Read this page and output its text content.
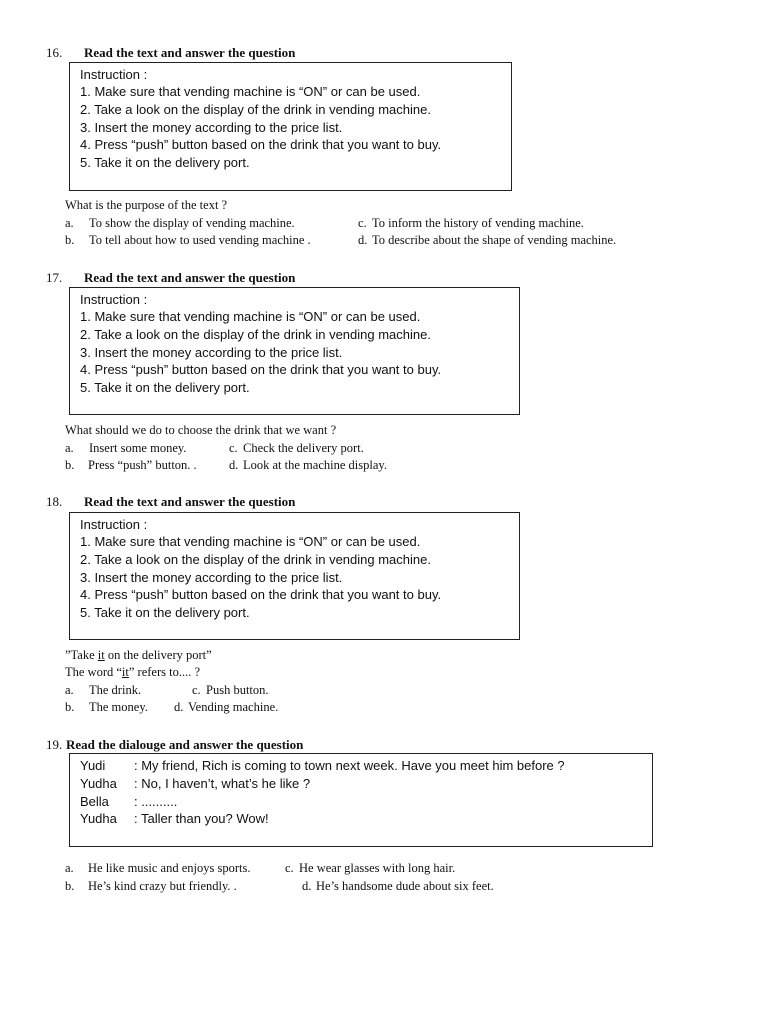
16. Read the text and answer the question
Instruction :
1. Make sure that vending machine is “ON” or can be used.
2. Take a look on the display of the drink in vending machine.
3. Insert the money according to the price list.
4. Press “push” button based on the drink that you want to buy.
5. Take it on the delivery port.
What is the purpose of the text ?
a. To show the display of vending machine.	c. To inform the history of vending machine.
b. To tell about how to used vending machine .	d. To describe about the shape of vending machine.
17. Read the text and answer the question
Instruction :
1. Make sure that vending machine is “ON” or can be used.
2. Take a look on the display of the drink in vending machine.
3. Insert the money according to the price list.
4. Press “push” button based on the drink that you want to buy.
5. Take it on the delivery port.
What should we do to choose the drink that we want ?
a. Insert some money.	c. Check the delivery port.
b. Press “push” button. .	d. Look at the machine display.
18. Read the text and answer the question
Instruction :
1. Make sure that vending machine is “ON” or can be used.
2. Take a look on the display of the drink in vending machine.
3. Insert the money according to the price list.
4. Press “push” button based on the drink that you want to buy.
5. Take it on the delivery port.
”Take it on the delivery port”
The word “it” refers to.... ?
a. The drink.	c. Push button.
b. The money. d. Vending machine.
19. Read the dialouge and answer the question
Yudi : My friend, Rich is coming to town next week. Have you meet him before ?
Yudha : No, I haven’t, what’s he like ?
Bella : ..........
Yudha : Taller than you? Wow!
a. He like music and enjoys sports.	c. He wear glasses with long hair.
b. He’s kind crazy but friendly. .	d. He’s handsome dude about six feet.
